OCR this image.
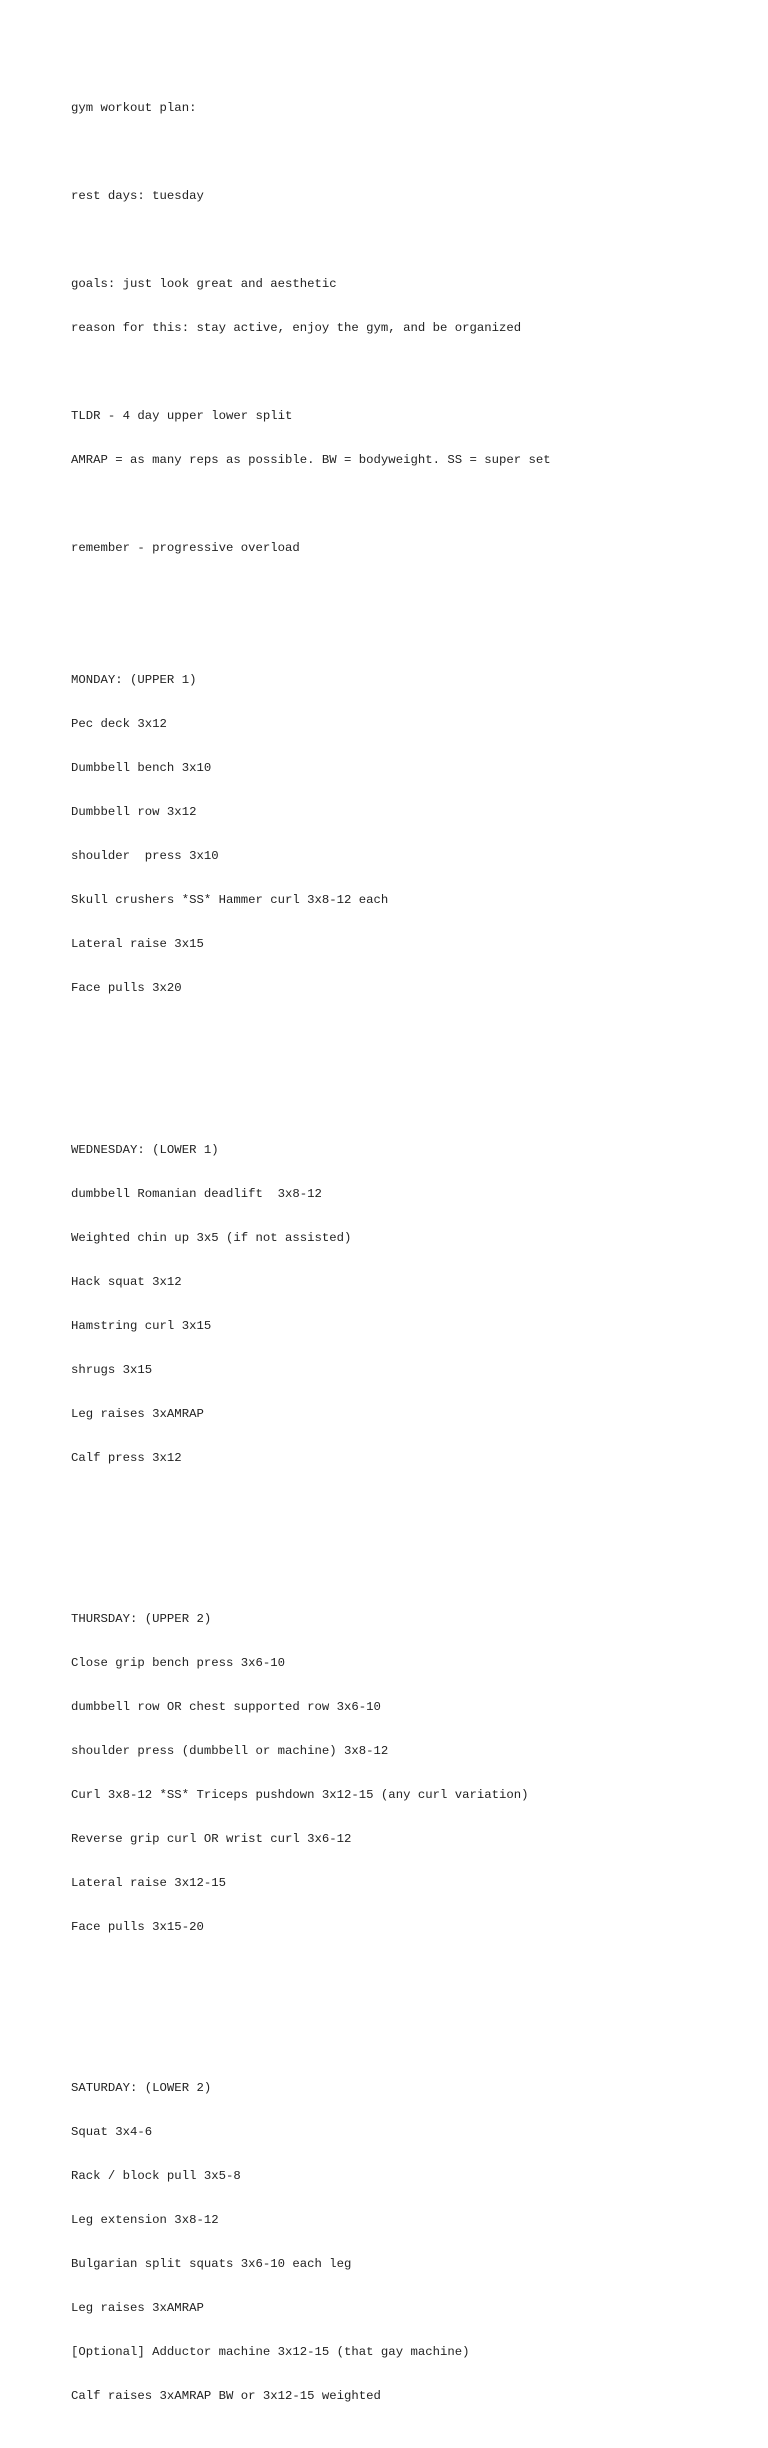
gym workout plan:

rest days: tuesday

goals: just look great and aesthetic

reason for this: stay active, enjoy the gym, and be organized

TLDR - 4 day upper lower split

AMRAP = as many reps as possible. BW = bodyweight. SS = super set

remember - progressive overload

MONDAY: (UPPER 1)

Pec deck 3x12

Dumbbell bench 3x10

Dumbbell row 3x12

shoulder  press 3x10

Skull crushers *SS* Hammer curl 3x8-12 each

Lateral raise 3x15

Face pulls 3x20

WEDNESDAY: (LOWER 1)

dumbbell Romanian deadlift  3x8-12

Weighted chin up 3x5 (if not assisted)

Hack squat 3x12

Hamstring curl 3x15

shrugs 3x15

Leg raises 3xAMRAP

Calf press 3x12

THURSDAY: (UPPER 2)

Close grip bench press 3x6-10

dumbbell row OR chest supported row 3x6-10

shoulder press (dumbbell or machine) 3x8-12

Curl 3x8-12 *SS* Triceps pushdown 3x12-15 (any curl variation)

Reverse grip curl OR wrist curl 3x6-12

Lateral raise 3x12-15

Face pulls 3x15-20

SATURDAY: (LOWER 2)

Squat 3x4-6

Rack / block pull 3x5-8

Leg extension 3x8-12

Bulgarian split squats 3x6-10 each leg

Leg raises 3xAMRAP

[Optional] Adductor machine 3x12-15 (that gay machine)

Calf raises 3xAMRAP BW or 3x12-15 weighted
